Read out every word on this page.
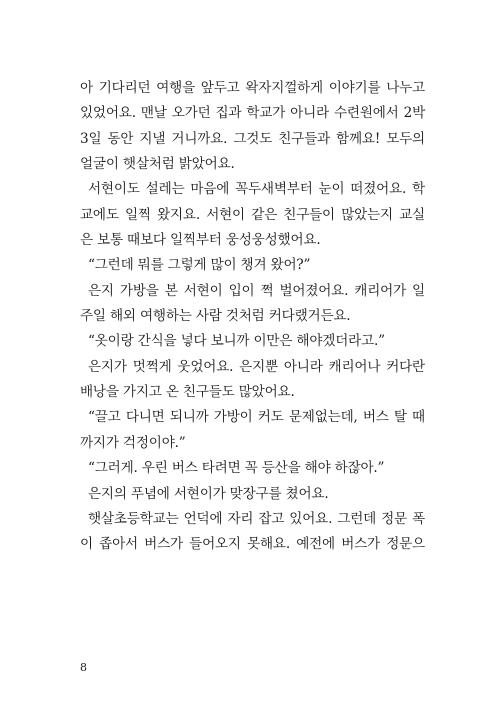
아 기다리던 여행을 앞두고 왁자지껄하게 이야기를 나누고
있었어요. 맨날 오가던 집과 학교가 아니라 수련원에서 2박
3일 동안 지낼 거니까요. 그것도 친구들과 함께요! 모두의
얼굴이 햇살처럼 밝았어요.
서현이도 설레는 마음에 꼭두새벽부터 눈이 떠졌어요. 학
교에도 일찍 왔지요. 서현이 같은 친구들이 많았는지 교실
은 보통 때보다 일찍부터 웅성웅성했어요.
“그런데 뭐를 그렇게 많이 챙겨 왔어?”
은지 가방을 본 서현이 입이 쩍 벌어졌어요. 캐리어가 일
주일 해외 여행하는 사람 것처럼 커다랬거든요.
“옷이랑 간식을 넣다 보니까 이만은 해야겠더라고.”
은지가 멋쩍게 웃었어요. 은지뿐 아니라 캐리어나 커다란
배낭을 가지고 온 친구들도 많았어요.
“끌고 다니면 되니까 가방이 커도 문제없는데, 버스 탈 때
까지가 걱정이야.”
“그러게. 우린 버스 타려면 꼭 등산을 해야 하잖아.”
은지의 푸념에 서현이가 맞장구를 쳤어요.
햇살초등학교는 언덕에 자리 잡고 있어요. 그런데 정문 폭
이 좁아서 버스가 들어오지 못해요. 예전에 버스가 정문으
8
